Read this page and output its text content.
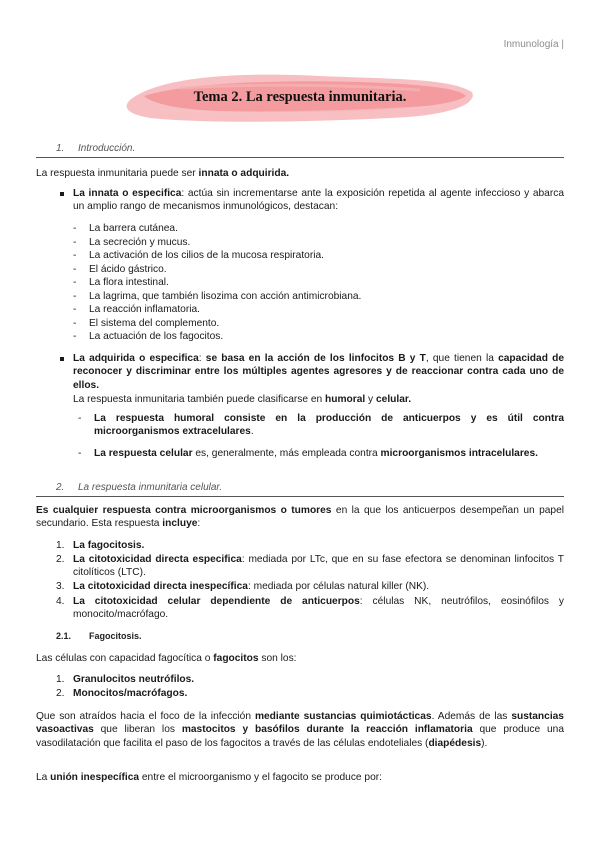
Inmunología |
Tema 2. La respuesta inmunitaria.
1. Introducción.
La respuesta inmunitaria puede ser innata o adquirida.
La innata o especifica: actúa sin incrementarse ante la exposición repetida al agente infeccioso y abarca un amplio rango de mecanismos inmunológicos, destacan:
- La barrera cutánea.
- La secreción y mucus.
- La activación de los cilios de la mucosa respiratoria.
- El ácido gástrico.
- La flora intestinal.
- La lagrima, que también lisozima con acción antimicrobiana.
- La reacción inflamatoria.
- El sistema del complemento.
- La actuación de los fagocitos.
La adquirida o especifica: se basa en la acción de los linfocitos B y T, que tienen la capacidad de reconocer y discriminar entre los múltiples agentes agresores y de reaccionar contra cada uno de ellos.
La respuesta inmunitaria también puede clasificarse en humoral y celular.
-	La respuesta humoral consiste en la producción de anticuerpos y es útil contra microorganismos extracelulares.
-	La respuesta celular es, generalmente, más empleada contra microorganismos intracelulares.
2. La respuesta inmunitaria celular.
Es cualquier respuesta contra microorganismos o tumores en la que los anticuerpos desempeñan un papel secundario. Esta respuesta incluye:
1. La fagocitosis.
2. La citotoxicidad directa especifica: mediada por LTc, que en su fase efectora se denominan linfocitos T citolíticos (LTC).
3. La citotoxicidad directa inespecífica: mediada por células natural killer (NK).
4. La citotoxicidad celular dependiente de anticuerpos: células NK, neutrófilos, eosinófilos y monocito/macrófago.
2.1. Fagocitosis.
Las células con capacidad fagocítica o fagocitos son los:
1. Granulocitos neutrófilos.
2. Monocitos/macrófagos.
Que son atraídos hacia el foco de la infección mediante sustancias quimiotácticas. Además de las sustancias vasoactivas que liberan los mastocitos y basófilos durante la reacción inflamatoria que produce una vasodilatación que facilita el paso de los fagocitos a través de las células endoteliales (diapédesis).
La unión inespecífica entre el microorganismo y el fagocito se produce por:
